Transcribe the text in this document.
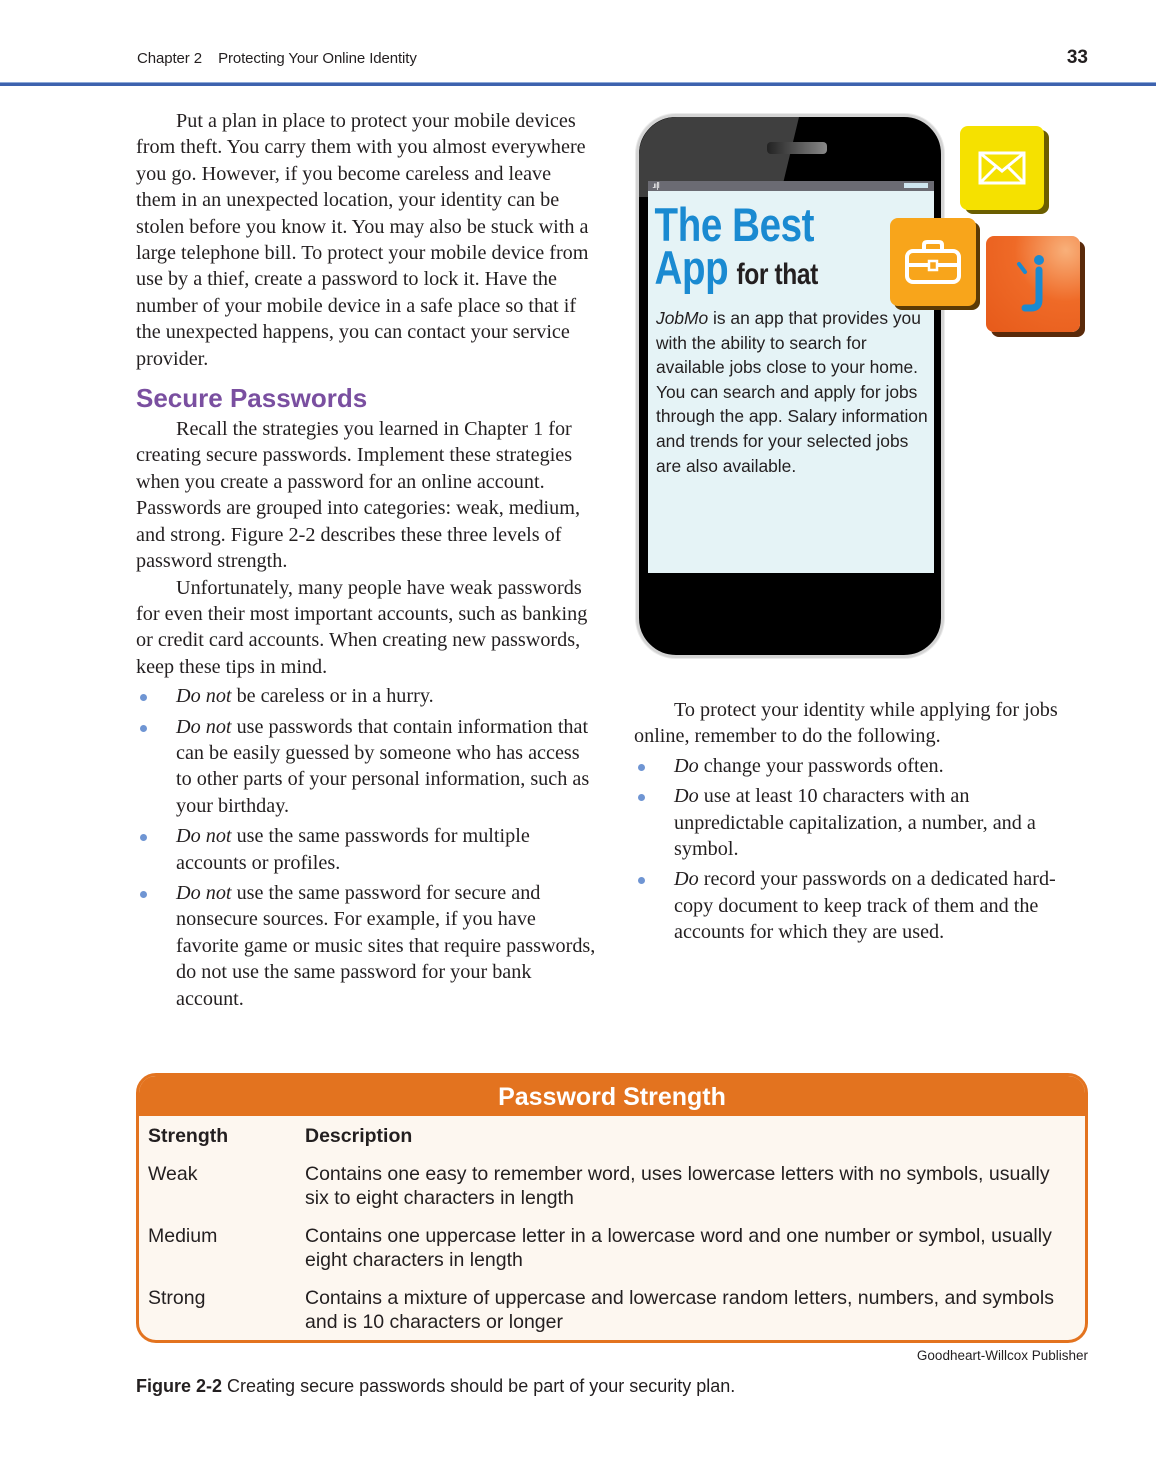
Chapter 2 Protecting Your Online Identity	33

Put a plan in place to protect your mobile devices from theft. You carry them with you almost everywhere you go. However, if you become careless and leave them in an unexpected location, your identity can be stolen before you know it. You may also be stuck with a large telephone bill. To protect your mobile device from use by a thief, create a password to lock it. Have the number of your mobile device in a safe place so that if the unexpected happens, you can contact your service provider.

Secure Passwords

Recall the strategies you learned in Chapter 1 for creating secure passwords. Implement these strategies when you create a password for an online account. Passwords are grouped into categories: weak, medium, and strong. Figure 2-2 describes these three levels of password strength.

Unfortunately, many people have weak passwords for even their most important accounts, such as banking or credit card accounts. When creating new passwords, keep these tips in mind.

Do not be careless or in a hurry.
Do not use passwords that contain information that can be easily guessed by someone who has access to other parts of your personal information, such as your birthday.
Do not use the same passwords for multiple accounts or profiles.
Do not use the same password for secure and nonsecure sources. For example, if you have favorite game or music sites that require passwords, do not use the same password for your bank account.
.ıı|l
The Best
App for that

JobMo is an app that provides you with the ability to search for available jobs close to your home. You can search and apply for jobs through the app. Salary information and trends for your selected jobs are also available.

To protect your identity while applying for jobs online, remember to do the following.

Do change your passwords often.
Do use at least 10 characters with an unpredictable capitalization, a number, and a symbol.
Do record your passwords on a dedicated hard-copy document to keep track of them and the accounts for which they are used.
Password Strength
Strength	Description
Weak	Contains one easy to remember word, uses lowercase letters with no symbols, usually six to eight characters in length
Medium	Contains one uppercase letter in a lowercase word and one number or symbol, usually eight characters in length
Strong	Contains a mixture of uppercase and lowercase random letters, numbers, and symbols and is 10 characters or longer
Goodheart-Willcox Publisher
Figure 2-2 Creating secure passwords should be part of your security plan.
